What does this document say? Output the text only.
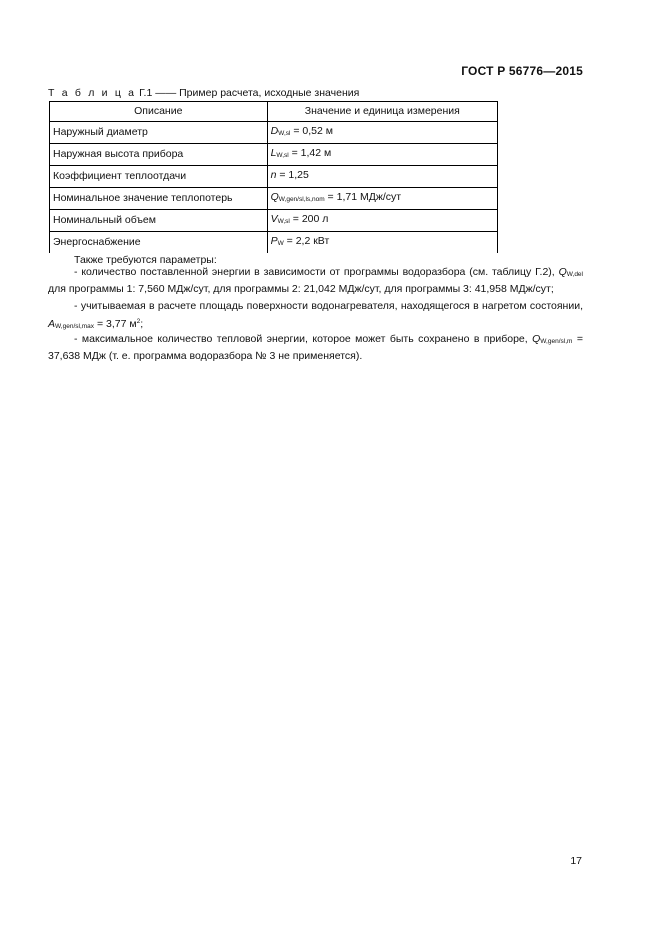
ГОСТ Р 56776—2015
Т а б л и ц а Г.1 —— Пример расчета, исходные значения
Описание	Значение и единица измерения
Наружный диаметр	$D_{W,sl} = 0,52$ м
Наружная высота прибора	$L_{W,sl} = 1,42$ м
Коэффициент теплоотдачи	n = 1,25
Номинальное значение теплопотерь	$Q_{W,gen/sl,ls,nom} = 1,71$ МДж/сут
Номинальный объем	$V_{W,sl} = 200$ л
Энергоснабжение	$P_W = 2,2$ кВт
Также требуются параметры:
- количество поставленной энергии в зависимости от программы водоразбора (см. таблицу Г.2), $Q_{W,del}$ для программы 1: 7,560 МДж/сут, для программы 2: 21,042 МДж/сут, для программы 3: 41,958 МДж/сут;
- учитываемая в расчете площадь поверхности водонагревателя, находящегося в нагретом состоянии, $A_{W,gen/sl,max} = 3,77$ $м^2$;
- максимальное количество тепловой энергии, которое может быть сохранено в приборе, $Q_{W,gen/sl,m} = 37,638$ МДж (т. е. программа водоразбора № 3 не применяется).
17
